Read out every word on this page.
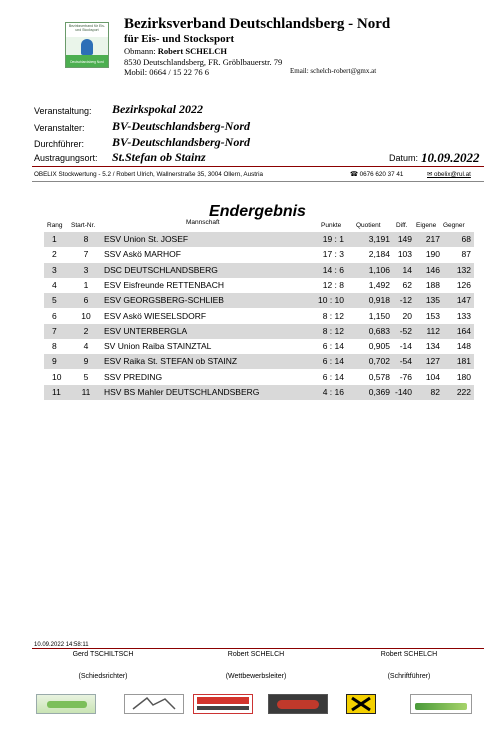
Bezirksverband für Eis- und Stocksport
Deutschlandsberg Nord
Bezirksverband Deutschlandsberg - Nord
für Eis- und Stocksport
Obmann: Robert SCHELCH
8530 Deutschlandsberg, FR. Gröblbauerstr. 79
Mobil: 0664 / 15 22 76 6	Email: schelch-robert@gmx.at
Veranstaltung: Bezirkspokal 2022
Veranstalter: BV-Deutschlandsberg-Nord
Durchführer: BV-Deutschlandsberg-Nord
Austragungsort: St.Stefan ob Stainz	Datum: 10.09.2022
OBELIX Stockwertung - 5.2 / Robert Ulrich, Wallnerstraße 35, 3004 Ollern, Austria	☎ 0676 620 37 41	✉ obelix@rul.at
Endergebnis
Rang Start-Nr.	Mannschaft	Punkte Quotient Diff. Eigene Gegner
1	8	ESV Union St. JOSEF	19 : 1	3,191 149	217	68
2	7	SSV Askö MARHOF	17 : 3	2,184 103	190	87
3	3	DSC DEUTSCHLANDSBERG	14 : 6	1,106	14	146	132
4	1	ESV Eisfreunde RETTENBACH	12 : 8	1,492	62	188	126
5	6	ESV GEORGSBERG-SCHLIEB	10 : 10	0,918	-12	135	147
6	10	ESV Askö WIESELSDORF	8 : 12	1,150	20	153	133
7	2	ESV UNTERBERGLA	8 : 12	0,683	-52	112	164
8	4	SV Union Raiba STAINZTAL	6 : 14	0,905	-14	134	148
9	9	ESV Raika St. STEFAN ob STAINZ	6 : 14	0,702	-54	127	181
10	5	SSV PREDING	6 : 14	0,578	-76	104	180
11	11	HSV BS Mahler DEUTSCHLANDSBERG	4 : 16	0,369 -140	82	222
10.09.2022 14:58:11
Gerd TSCHILTSCH
(Schiedsrichter)
Robert SCHELCH
(Wettbewerbsleiter)
Robert SCHELCH
(Schriftführer)
